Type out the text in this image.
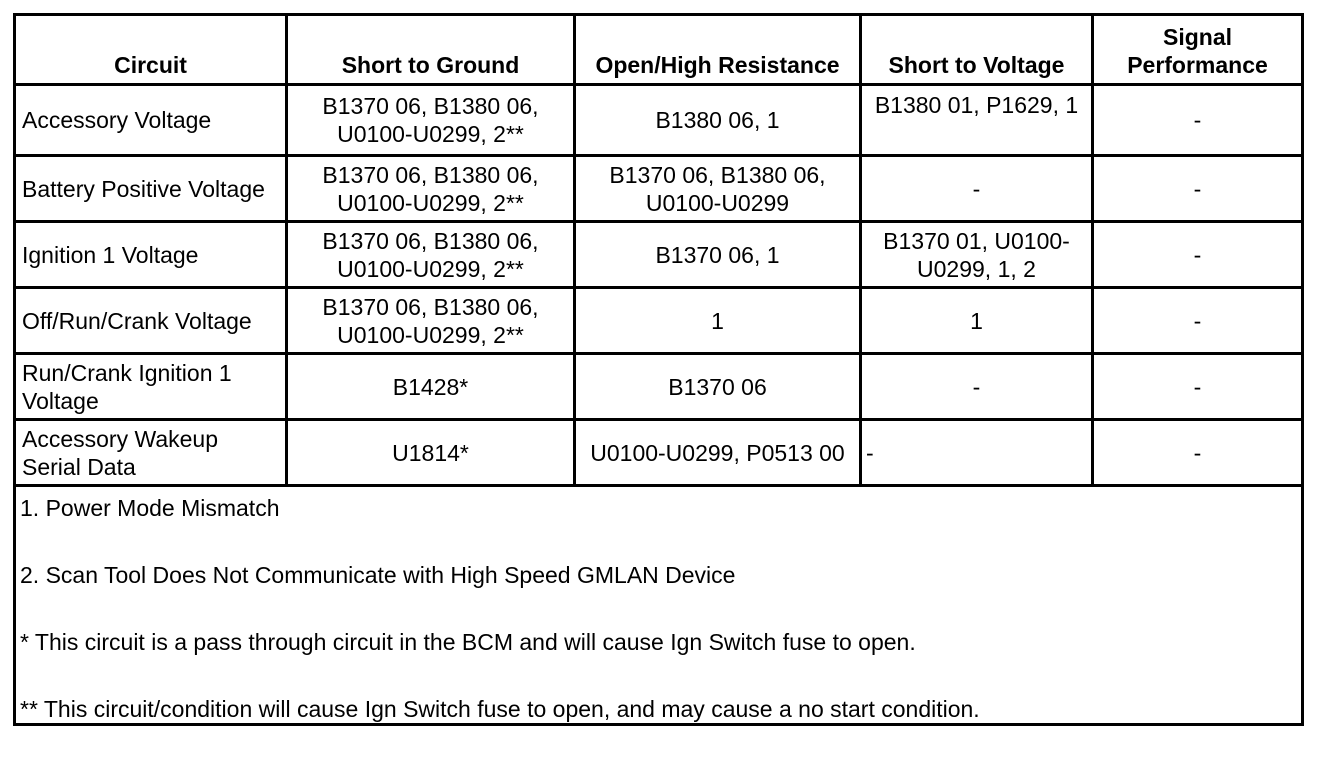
Circuit	Short to Ground	Open/High Resistance	Short to Voltage	Signal Performance
Accessory Voltage	B1370 06, B1380 06, U0100-U0299, 2**	B1380 06, 1	B1380 01, P1629, 1	-
Battery Positive Voltage	B1370 06, B1380 06, U0100-U0299, 2**	B1370 06, B1380 06, U0100-U0299	-	-
Ignition 1 Voltage	B1370 06, B1380 06, U0100-U0299, 2**	B1370 06, 1	B1370 01, U0100-U0299, 1, 2	-
Off/Run/Crank Voltage	B1370 06, B1380 06, U0100-U0299, 2**	1	1	-
Run/Crank Ignition 1 Voltage	B1428*	B1370 06	-	-
Accessory Wakeup Serial Data	U1814*	U0100-U0299, P0513 00	-	-

1. Power Mode Mismatch
2. Scan Tool Does Not Communicate with High Speed GMLAN Device
* This circuit is a pass through circuit in the BCM and will cause Ign Switch fuse to open.
** This circuit/condition will cause Ign Switch fuse to open, and may cause a no start condition.				
